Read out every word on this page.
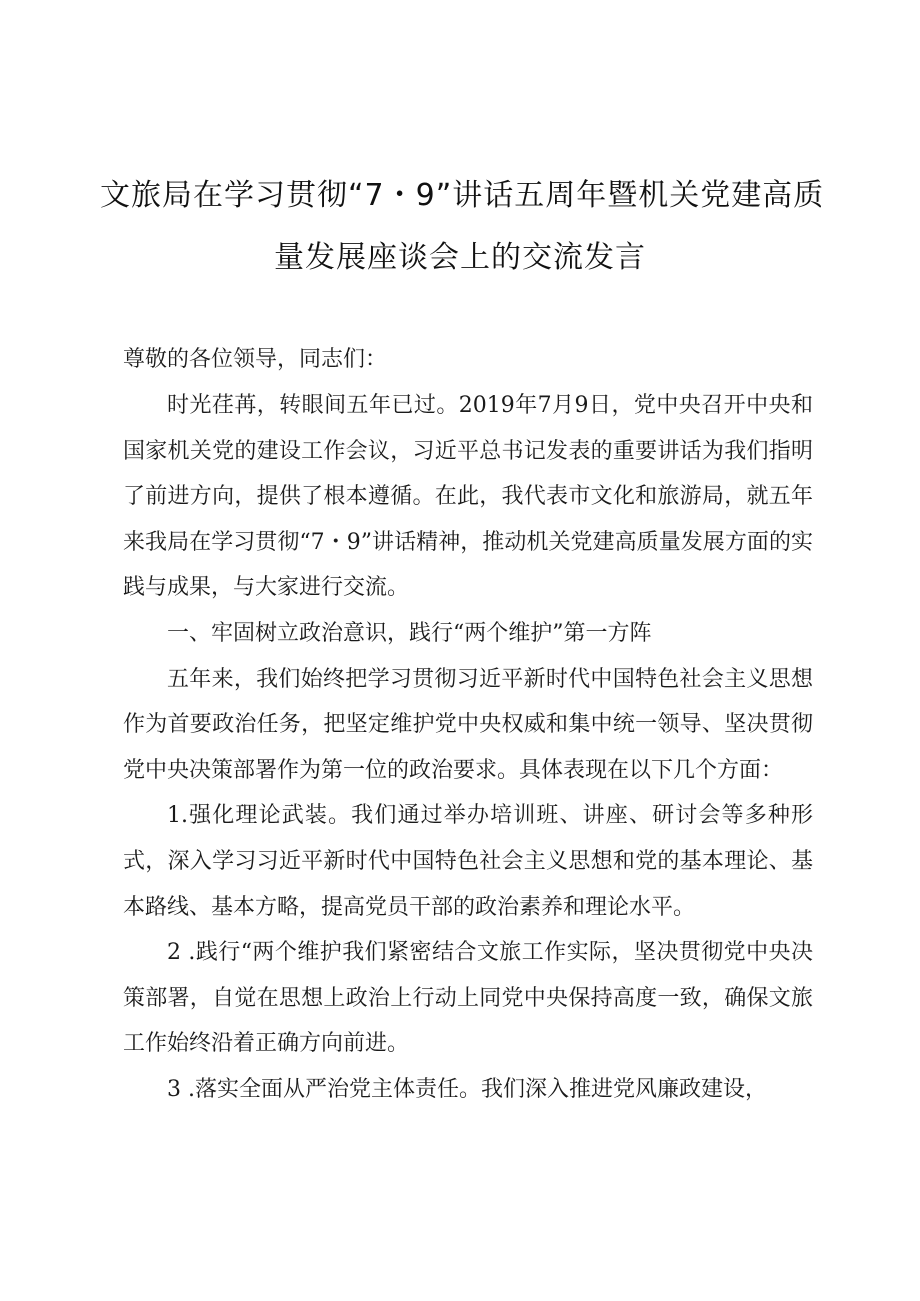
文旅局在学习贯彻“7・9”讲话五周年暨机关党建高质
量发展座谈会上的交流发言
尊敬的各位领导，同志们：

时光荏苒，转眼间五年已过。2019年7月9日，党中央召开中央和国家机关党的建设工作会议，习近平总书记发表的重要讲话为我们指明了前进方向，提供了根本遵循。在此，我代表市文化和旅游局，就五年来我局在学习贯彻“7・9”讲话精神，推动机关党建高质量发展方面的实践与成果，与大家进行交流。

一、牢固树立政治意识，践行“两个维护”第一方阵

五年来，我们始终把学习贯彻习近平新时代中国特色社会主义思想作为首要政治任务，把坚定维护党中央权威和集中统一领导、坚决贯彻党中央决策部署作为第一位的政治要求。具体表现在以下几个方面：

1.强化理论武装。我们通过举办培训班、讲座、研讨会等多种形式，深入学习习近平新时代中国特色社会主义思想和党的基本理论、基本路线、基本方略，提高党员干部的政治素养和理论水平。

2 .践行“两个维护我们紧密结合文旅工作实际，坚决贯彻党中央决策部署，自觉在思想上政治上行动上同党中央保持高度一致，确保文旅工作始终沿着正确方向前进。

3 .落实全面从严治党主体责任。我们深入推进党风廉政建设，
